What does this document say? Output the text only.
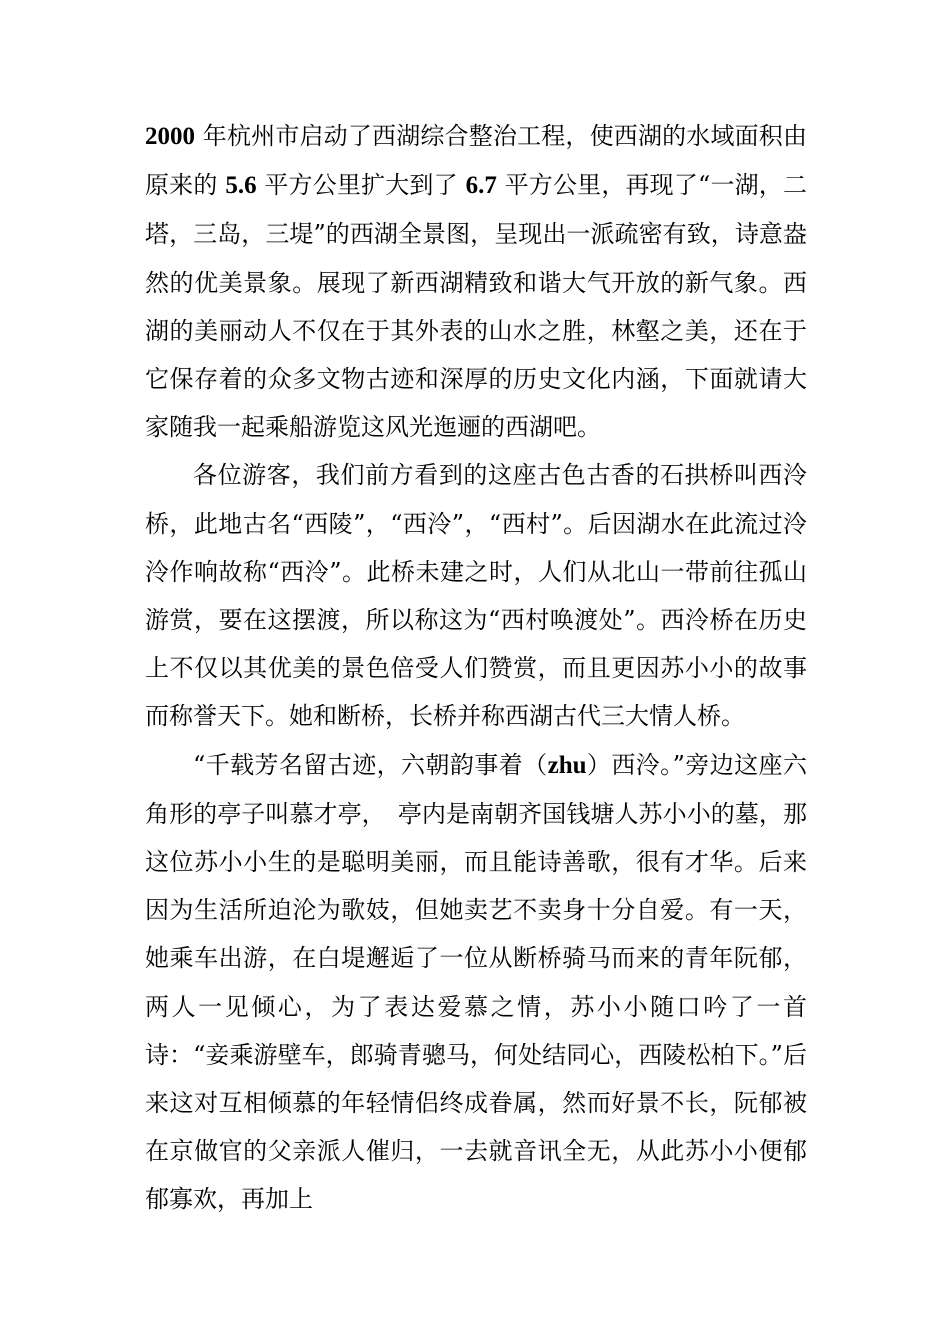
2000 年杭州市启动了西湖综合整治工程，使西湖的水域面积由原来的 5.6 平方公里扩大到了 6.7 平方公里，再现了“一湖，二塔，三岛，三堤”的西湖全景图，呈现出一派疏密有致，诗意盎然的优美景象。展现了新西湖精致和谐大气开放的新气象。西湖的美丽动人不仅在于其外表的山水之胜，林壑之美，还在于它保存着的众多文物古迹和深厚的历史文化内涵，下面就请大家随我一起乘船游览这风光迤逦的西湖吧。

各位游客，我们前方看到的这座古色古香的石拱桥叫西泠桥，此地古名“西陵”，“西泠”，“西村”。后因湖水在此流过泠泠作响故称“西泠”。此桥未建之时，人们从北山一带前往孤山游赏，要在这摆渡，所以称这为“西村唤渡处”。西泠桥在历史上不仅以其优美的景色倍受人们赞赏，而且更因苏小小的故事而称誉天下。她和断桥，长桥并称西湖古代三大情人桥。

“千载芳名留古迹，六朝韵事着（zhu）西泠。”旁边这座六角形的亭子叫慕才亭，　亭内是南朝齐国钱塘人苏小小的墓，那这位苏小小生的是聪明美丽，而且能诗善歌，很有才华。后来因为生活所迫沦为歌妓，但她卖艺不卖身十分自爱。有一天，她乘车出游，在白堤邂逅了一位从断桥骑马而来的青年阮郁，两人一见倾心，为了表达爱慕之情，苏小小随口吟了一首诗：“妾乘游壁车，郎骑青骢马，何处结同心，西陵松柏下。”后来这对互相倾慕的年轻情侣终成眷属，然而好景不长，阮郁被在京做官的父亲派人催归，一去就音讯全无，从此苏小小便郁郁寡欢，再加上
